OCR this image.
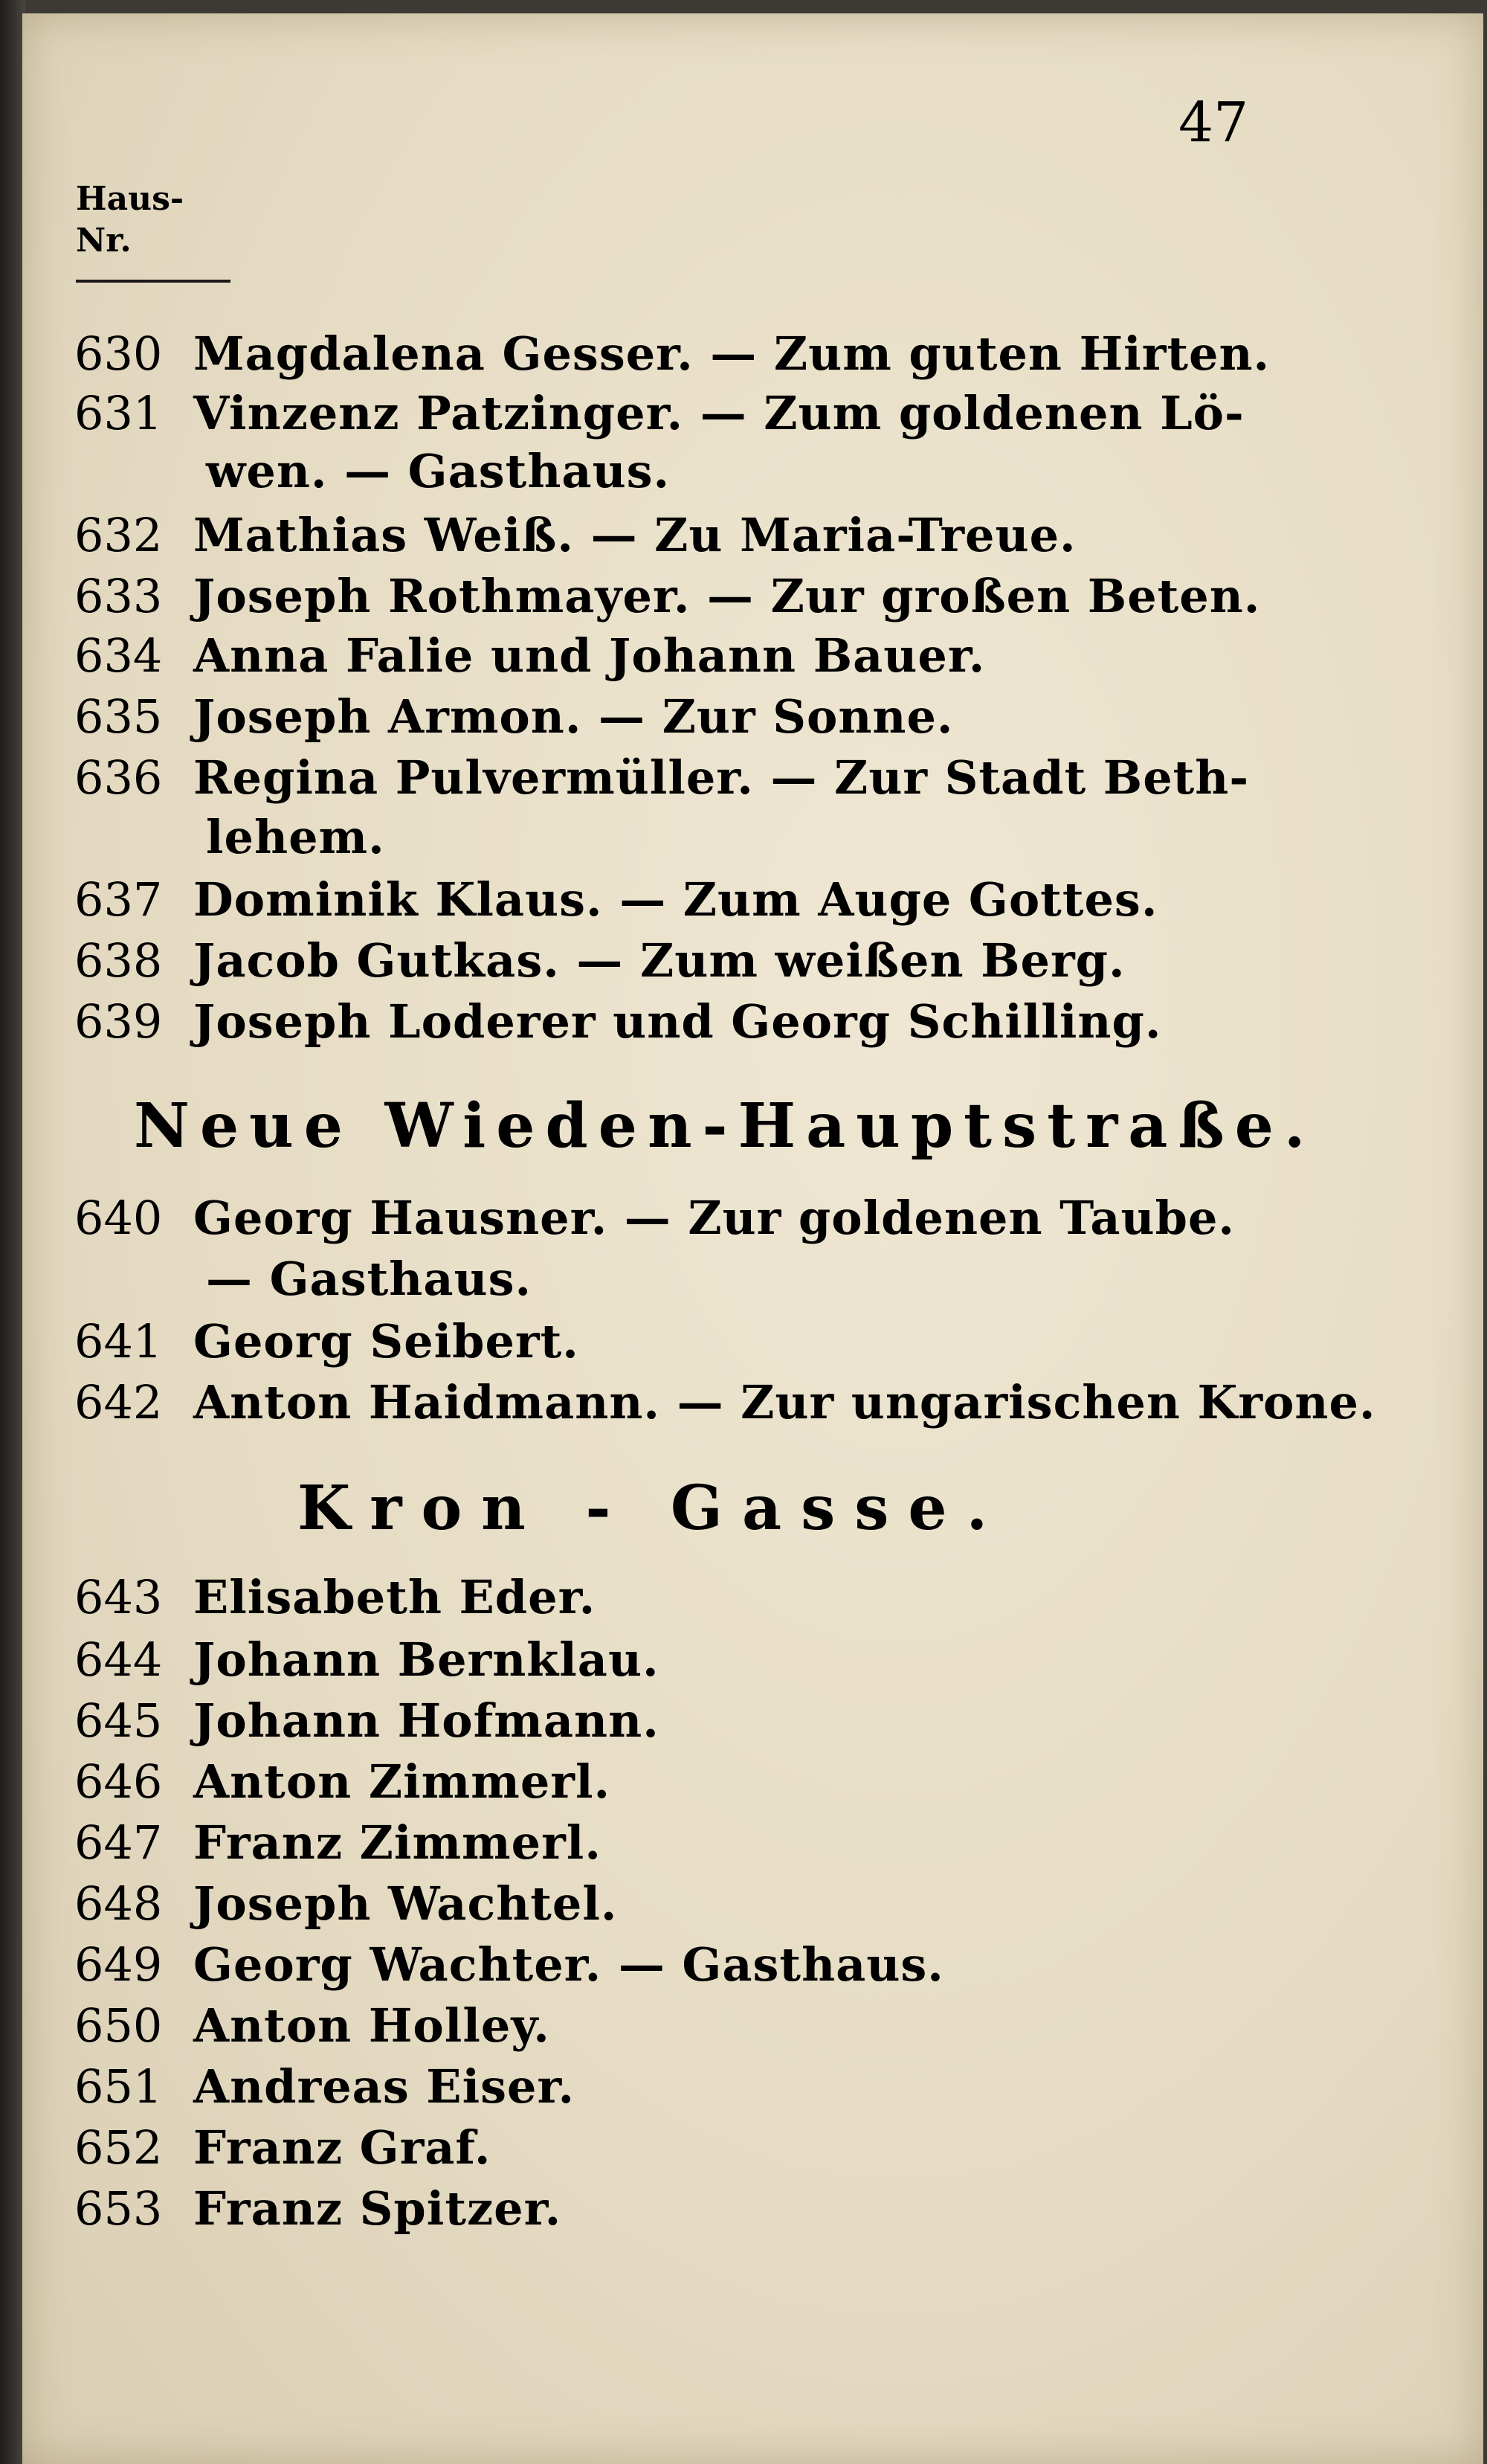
47
Haus-
Nr.
630 Magdalena Gesser. — Zum guten Hirten.
631 Vinzenz Patzinger. — Zum goldenen Lö-
wen. — Gasthaus.
632 Mathias Weiß. — Zu Maria-Treue.
633 Joseph Rothmayer. — Zur großen Beten.
634 Anna Falie und Johann Bauer.
635 Joseph Armon. — Zur Sonne.
636 Regina Pulvermüller. — Zur Stadt Beth-
lehem.
637 Dominik Klaus. — Zum Auge Gottes.
638 Jacob Gutkas. — Zum weißen Berg.
639 Joseph Loderer und Georg Schilling.
Neue Wieden-Hauptstraße.
640 Georg Hausner. — Zur goldenen Taube.
— Gasthaus.
641 Georg Seibert.
642 Anton Haidmann. — Zur ungarischen Krone.
Kron - Gasse.
643 Elisabeth Eder.
644 Johann Bernklau.
645 Johann Hofmann.
646 Anton Zimmerl.
647 Franz Zimmerl.
648 Joseph Wachtel.
649 Georg Wachter. — Gasthaus.
650 Anton Holley.
651 Andreas Eiser.
652 Franz Graf.
653 Franz Spitzer.
